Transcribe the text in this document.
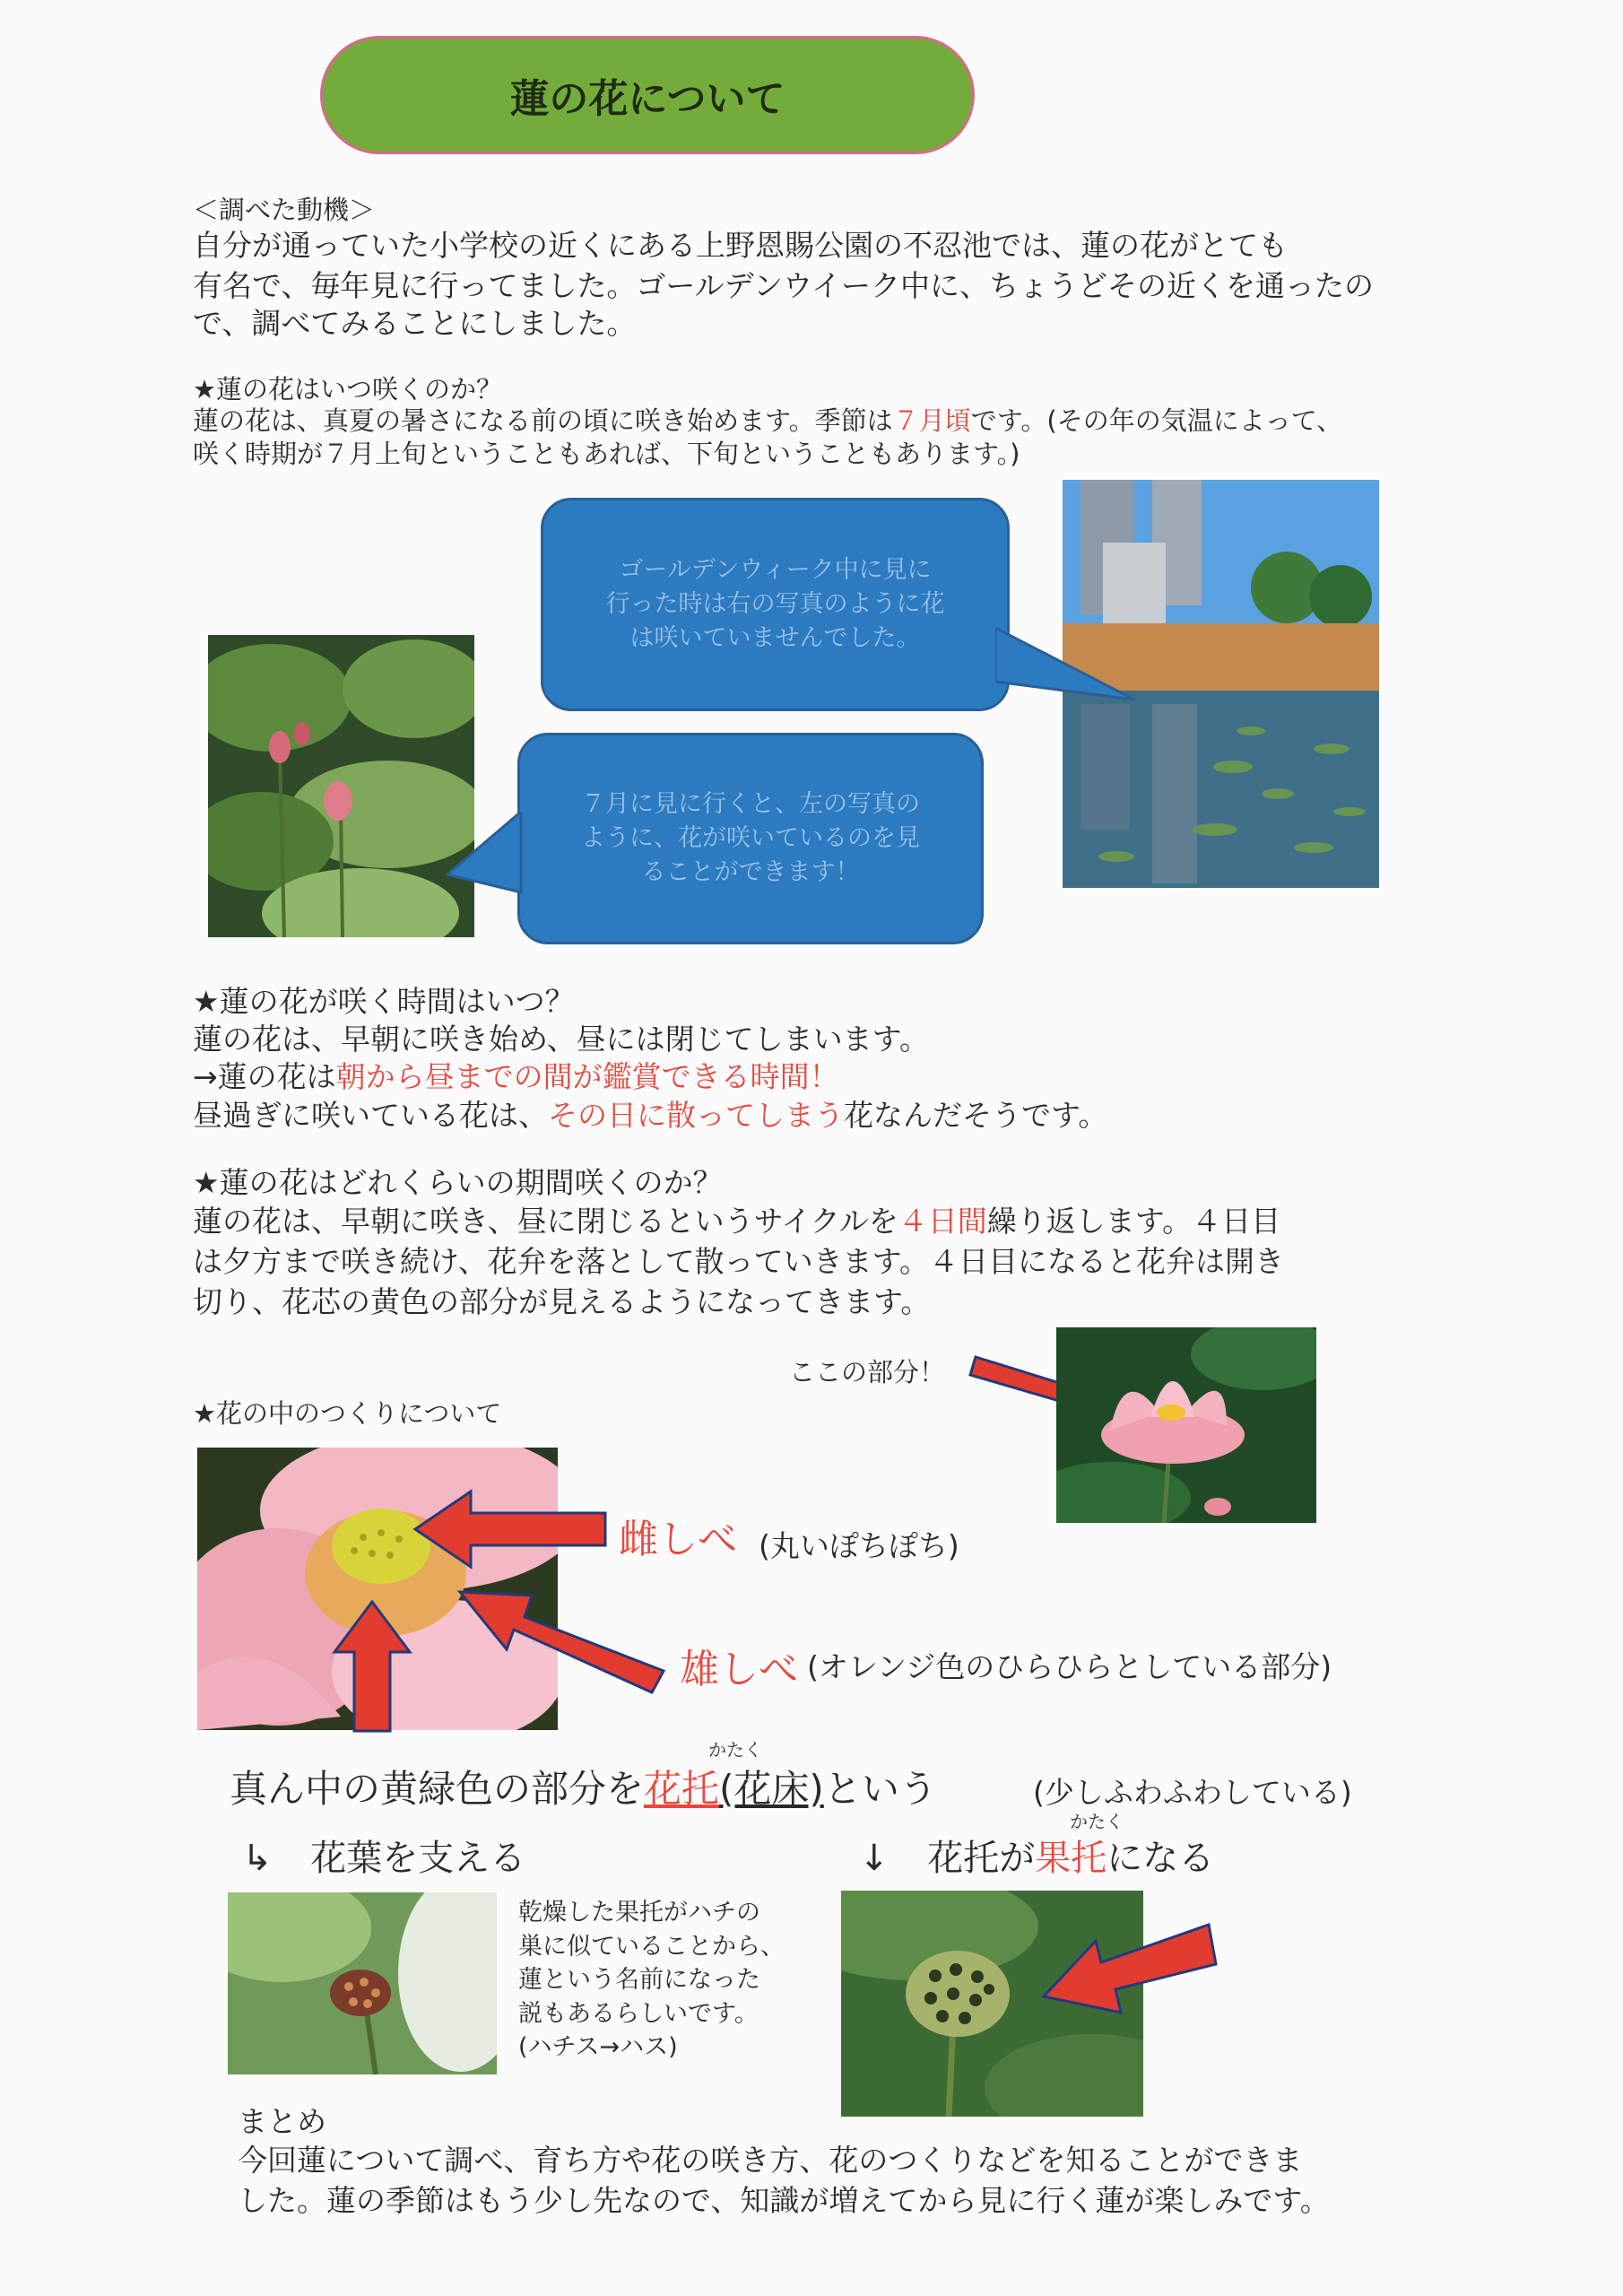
蓮の花について
＜調べた動機＞
自分が通っていた小学校の近くにある上野恩賜公園の不忍池では、蓮の花がとても
有名で、毎年見に行ってました。ゴールデンウイーク中に、ちょうどその近くを通ったの
で、調べてみることにしました。
★蓮の花はいつ咲くのか？
蓮の花は、真夏の暑さになる前の頃に咲き始めます。季節は７月頃です。(その年の気温によって、
咲く時期が７月上旬ということもあれば、下旬ということもあります。)
ゴールデンウィーク中に見に
行った時は右の写真のように花
は咲いていませんでした。
７月に見に行くと、左の写真の
ように、花が咲いているのを見
ることができます！
★蓮の花が咲く時間はいつ？
蓮の花は、早朝に咲き始め、昼には閉じてしまいます。
→蓮の花は朝から昼までの間が鑑賞できる時間！
昼過ぎに咲いている花は、その日に散ってしまう花なんだそうです。
★蓮の花はどれくらいの期間咲くのか？
蓮の花は、早朝に咲き、昼に閉じるというサイクルを４日間繰り返します。４日目
は夕方まで咲き続け、花弁を落として散っていきます。４日目になると花弁は開き
切り、花芯の黄色の部分が見えるようになってきます。
ここの部分！
★花の中のつくりについて
雌しべ (丸いぽちぽち)
雄しべ (オレンジ色のひらひらとしている部分)
かたく
真ん中の黄緑色の部分を花托(花床)という	(少しふわふわしている)
↳ 花葉を支える
かたく
↓ 花托が果托になる
乾燥した果托がハチの
巣に似ていることから、
蓮という名前になった
説もあるらしいです。
(ハチス→ハス)
まとめ
今回蓮について調べ、育ち方や花の咲き方、花のつくりなどを知ることができま
した。蓮の季節はもう少し先なので、知識が増えてから見に行く蓮が楽しみです。
